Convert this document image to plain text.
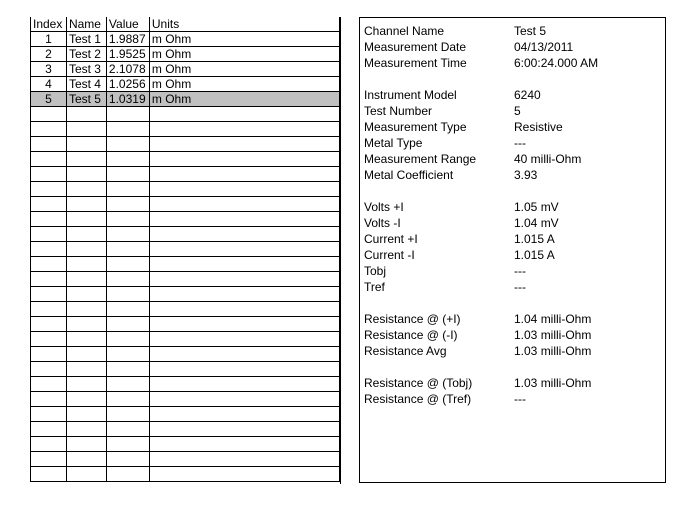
Index	Name	Value	Units
1	Test 1	1.9887	m Ohm
2	Test 2	1.9525	m Ohm
3	Test 3	2.1078	m Ohm
4	Test 4	1.0256	m Ohm
5	Test 5	1.0319	m Ohm

Channel Name	Test 5
Measurement Date	04/13/2011
Measurement Time	6:00:24.000 AM
Instrument Model	6240
Test Number	5
Measurement Type	Resistive
Metal Type	---
Measurement Range	40 milli-Ohm
Metal Coefficient	3.93
Volts +I	1.05 mV
Volts -I	1.04 mV
Current +I	1.015 A
Current -I	1.015 A
Tobj	---
Tref	---
Resistance @ (+I)	1.04 milli-Ohm
Resistance @ (-I)	1.03 milli-Ohm
Resistance Avg	1.03 milli-Ohm
Resistance @ (Tobj)	1.03 milli-Ohm
Resistance @ (Tref)	---
